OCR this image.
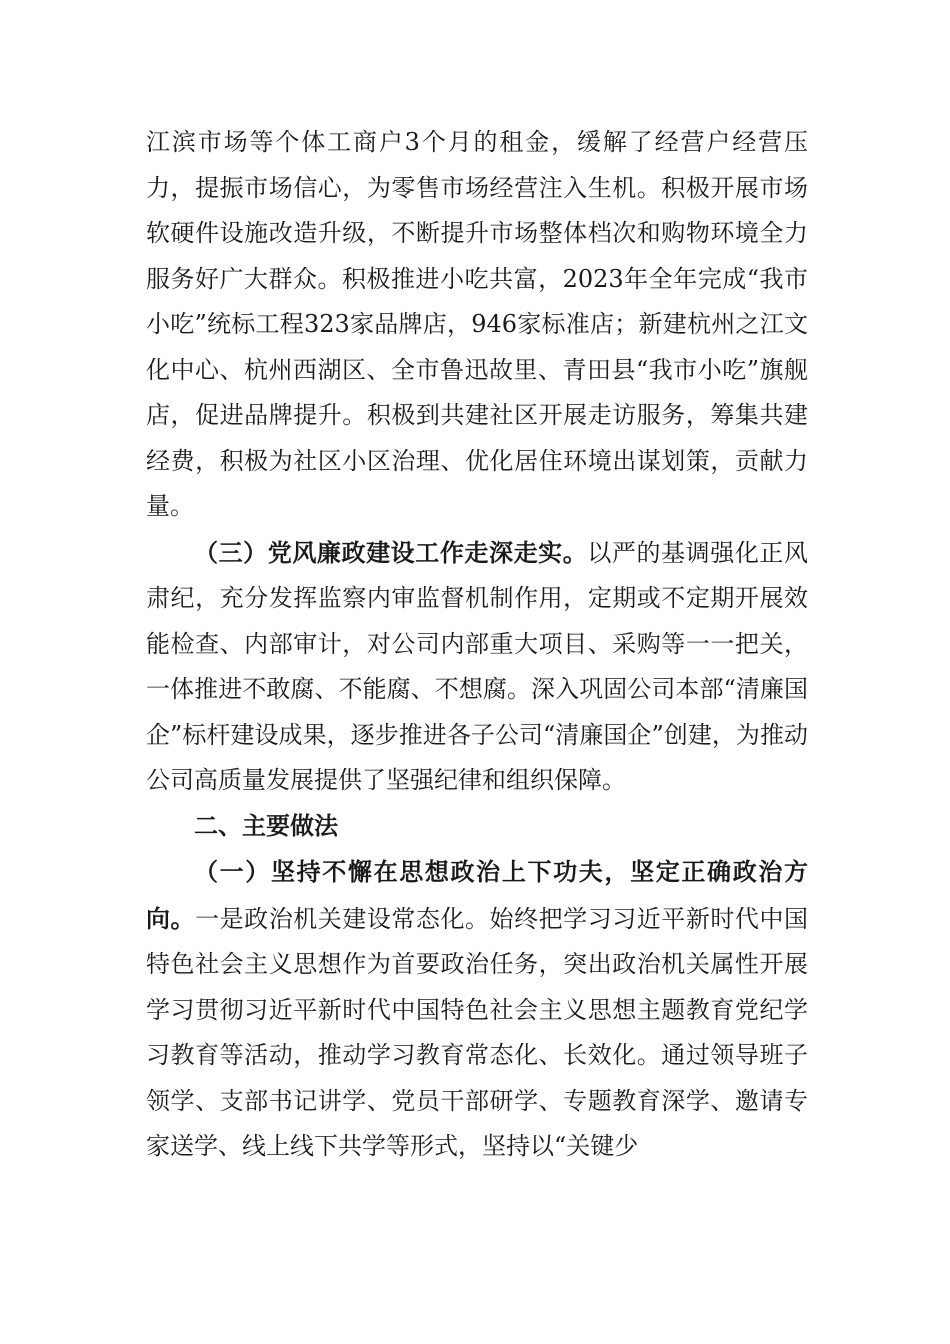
江滨市场等个体工商户3个月的租金，缓解了经营户经营压力，提振市场信心，为零售市场经营注入生机。积极开展市场软硬件设施改造升级，不断提升市场整体档次和购物环境全力服务好广大群众。积极推进小吃共富，2023年全年完成“我市小吃”统标工程323家品牌店，946家标准店；新建杭州之江文化中心、杭州西湖区、全市鲁迅故里、青田县“我市小吃”旗舰店，促进品牌提升。积极到共建社区开展走访服务，筹集共建经费，积极为社区小区治理、优化居住环境出谋划策，贡献力量。

（三）党风廉政建设工作走深走实。以严的基调强化正风肃纪，充分发挥监察内审监督机制作用，定期或不定期开展效能检查、内部审计，对公司内部重大项目、采购等一一把关，一体推进不敢腐、不能腐、不想腐。深入巩固公司本部“清廉国企”标杆建设成果，逐步推进各子公司“清廉国企”创建，为推动公司高质量发展提供了坚强纪律和组织保障。

二、主要做法

（一）坚持不懈在思想政治上下功夫，坚定正确政治方向。一是政治机关建设常态化。始终把学习习近平新时代中国特色社会主义思想作为首要政治任务，突出政治机关属性开展学习贯彻习近平新时代中国特色社会主义思想主题教育党纪学习教育等活动，推动学习教育常态化、长效化。通过领导班子领学、支部书记讲学、党员干部研学、专题教育深学、邀请专家送学、线上线下共学等形式，坚持以“关键少
